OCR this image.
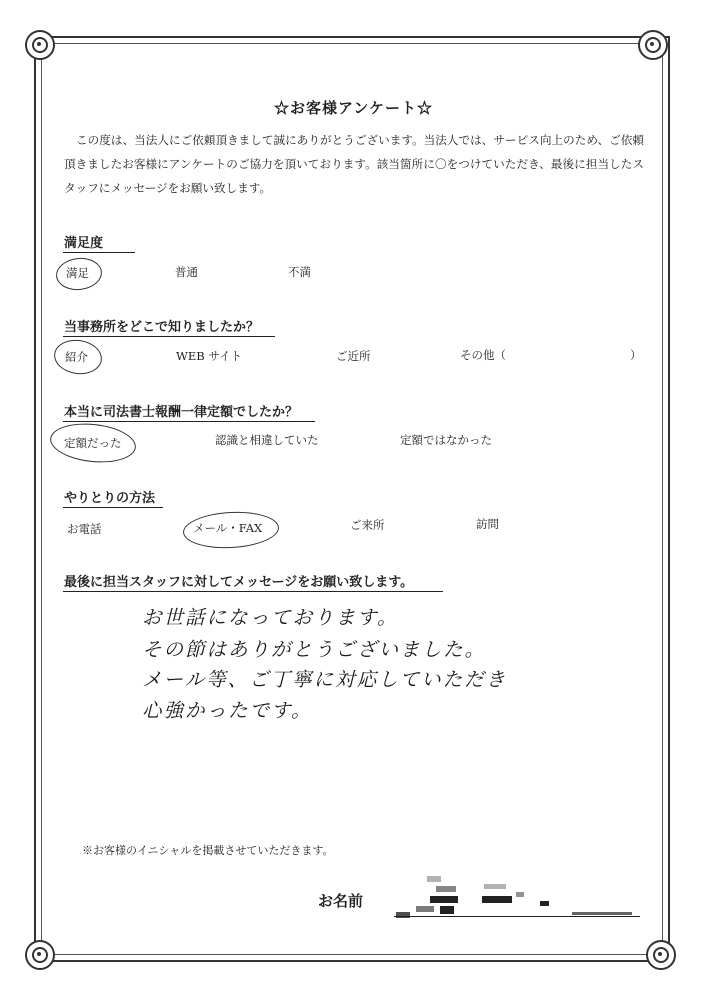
☆お客様アンケート☆
この度は、当法人にご依頼頂きまして誠にありがとうございます。当法人では、サービス向上のため、ご依頼頂きましたお客様にアンケートのご協力を頂いております。該当箇所に〇をつけていただき、最後に担当したスタッフにメッセージをお願い致します。
満足度
満足	普通	不満
当事務所をどこで知りましたか？
紹介	WEB サイト	ご近所	その他（	）
本当に司法書士報酬一律定額でしたか？
定額だった	認識と相違していた	定額ではなかった
やりとりの方法
お電話	メール・FAX	ご来所	訪問
最後に担当スタッフに対してメッセージをお願い致します。
お世話になっております。
その節はありがとうございました。
メール等、ご丁寧に対応していただき
心強かったです。
※お客様のイニシャルを掲載させていただきます。
お名前
